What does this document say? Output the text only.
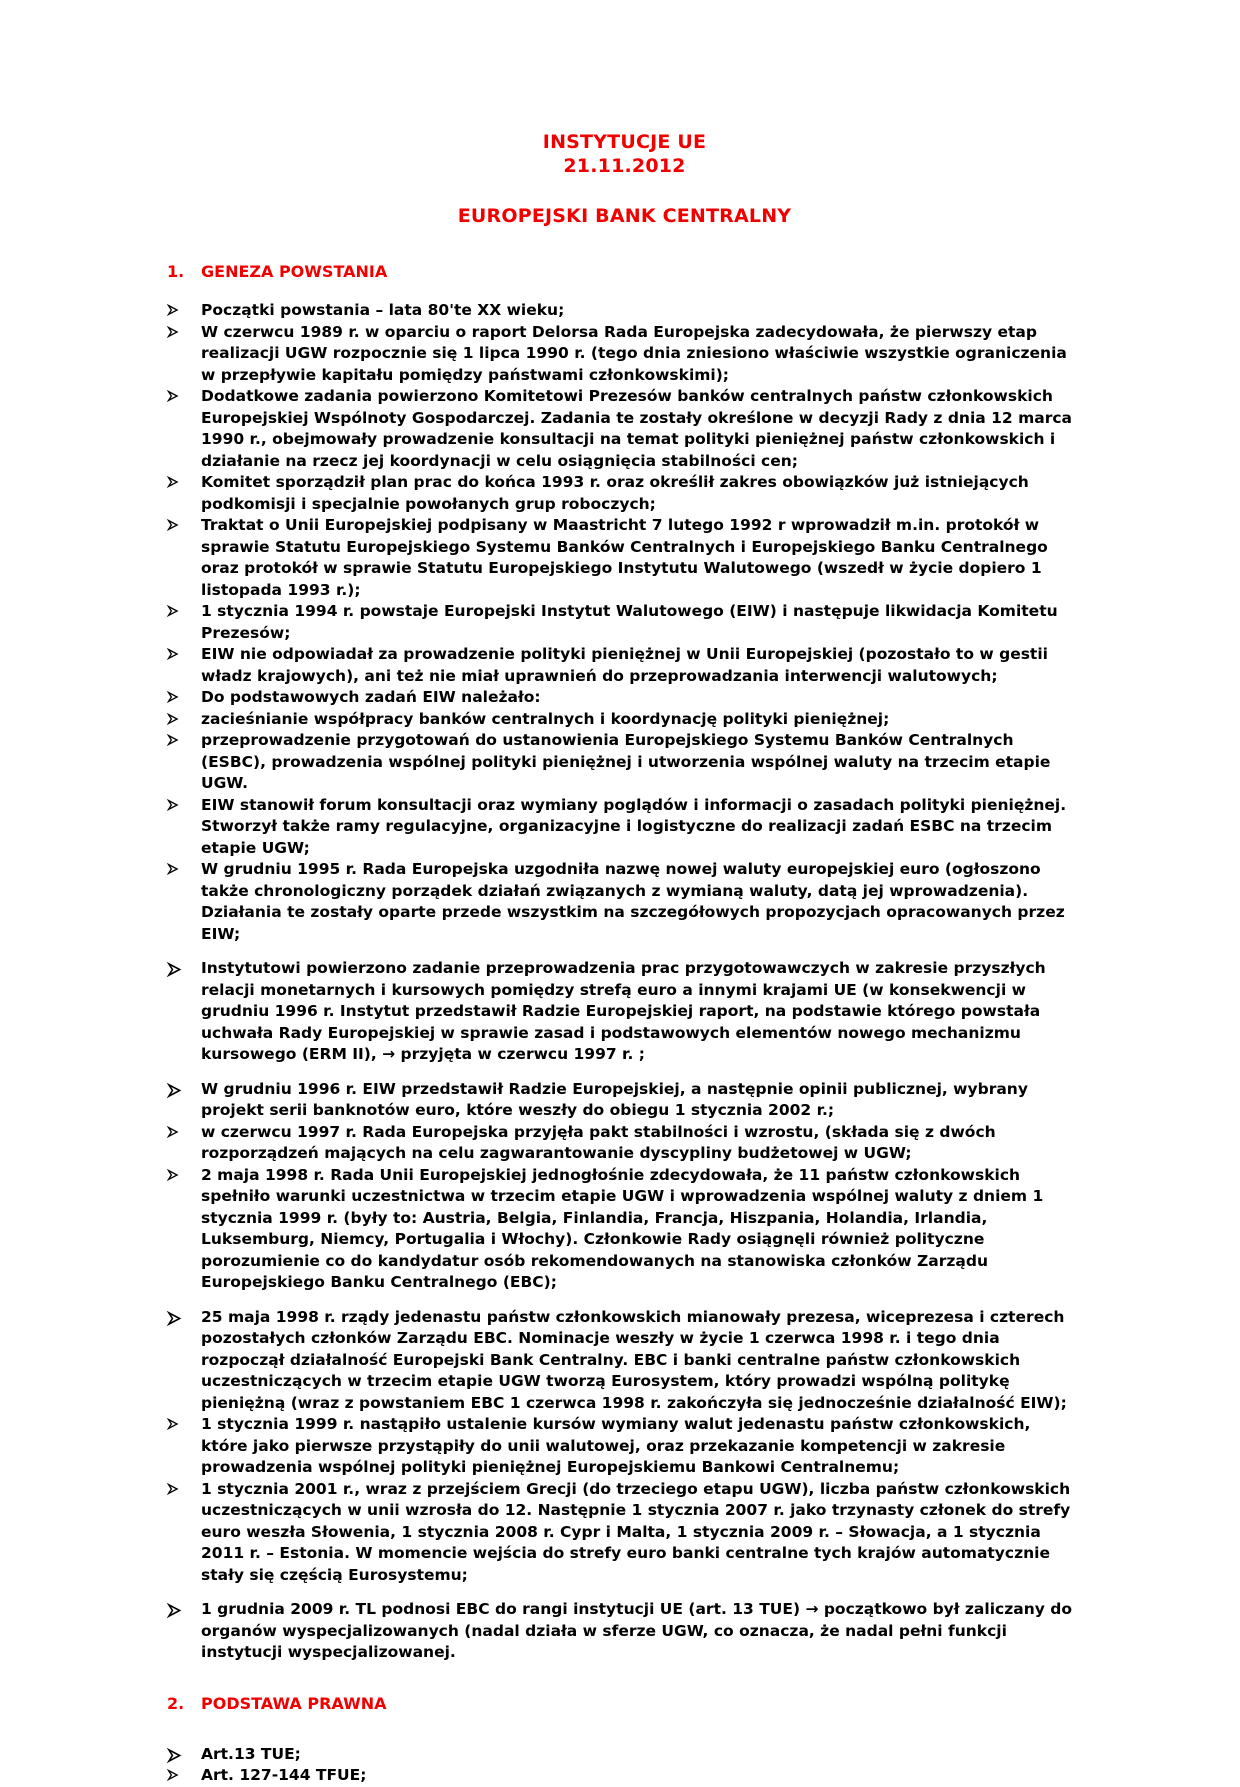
INSTYTUCJE UE
21.11.2012
EUROPEJSKI BANK CENTRALNY
1.	GENEZA POWSTANIA
Początki powstania – lata 80'te XX wieku;
W czerwcu 1989 r. w oparciu o raport Delorsa Rada Europejska zadecydowała, że pierwszy etap realizacji UGW rozpocznie się 1 lipca 1990 r. (tego dnia zniesiono właściwie wszystkie ograniczenia w przepływie kapitału pomiędzy państwami członkowskimi);
Dodatkowe zadania powierzono Komitetowi Prezesów banków centralnych państw członkowskich Europejskiej Wspólnoty Gospodarczej. Zadania te zostały określone w decyzji Rady z dnia 12 marca 1990 r., obejmowały prowadzenie konsultacji na temat polityki pieniężnej państw członkowskich i działanie na rzecz jej koordynacji w celu osiągnięcia stabilności cen;
Komitet sporządził plan prac do końca 1993 r. oraz określił zakres obowiązków już istniejących podkomisji i specjalnie powołanych grup roboczych;
Traktat o Unii Europejskiej podpisany w Maastricht 7 lutego 1992 r wprowadził m.in. protokół w sprawie Statutu Europejskiego Systemu Banków Centralnych i Europejskiego Banku Centralnego oraz protokół w sprawie Statutu Europejskiego Instytutu Walutowego (wszedł w życie dopiero 1 listopada 1993 r.);
1 stycznia 1994 r. powstaje Europejski Instytut Walutowego (EIW) i następuje likwidacja Komitetu Prezesów;
EIW nie odpowiadał za prowadzenie polityki pieniężnej w Unii Europejskiej (pozostało to w gestii władz krajowych), ani też nie miał uprawnień do przeprowadzania interwencji walutowych;
Do podstawowych zadań EIW należało:
zacieśnianie współpracy banków centralnych i koordynację polityki pieniężnej;
przeprowadzenie przygotowań do ustanowienia Europejskiego Systemu Banków Centralnych (ESBC), prowadzenia wspólnej polityki pieniężnej i utworzenia wspólnej waluty na trzecim etapie UGW.
EIW stanowił forum konsultacji oraz wymiany poglądów i informacji o zasadach polityki pieniężnej. Stworzył także ramy regulacyjne, organizacyjne i logistyczne do realizacji zadań ESBC na trzecim etapie UGW;
W grudniu 1995 r. Rada Europejska uzgodniła nazwę nowej waluty europejskiej euro (ogłoszono także chronologiczny porządek działań związanych z wymianą waluty, datą jej wprowadzenia). Działania te zostały oparte przede wszystkim na szczegółowych propozycjach opracowanych przez EIW;
Instytutowi powierzono zadanie przeprowadzenia prac przygotowawczych w zakresie przyszłych relacji monetarnych i kursowych pomiędzy strefą euro a innymi krajami UE (w konsekwencji w grudniu 1996 r. Instytut przedstawił Radzie Europejskiej raport, na podstawie którego powstała uchwała Rady Europejskiej w sprawie zasad i podstawowych elementów nowego mechanizmu kursowego (ERM II), → przyjęta w czerwcu 1997 r. ;
W grudniu 1996 r. EIW przedstawił Radzie Europejskiej, a następnie opinii publicznej, wybrany projekt serii banknotów euro, które weszły do obiegu 1 stycznia 2002 r.;
w czerwcu 1997 r. Rada Europejska przyjęła pakt stabilności i wzrostu, (składa się z dwóch rozporządzeń mających na celu zagwarantowanie dyscypliny budżetowej w UGW;
2 maja 1998 r. Rada Unii Europejskiej jednogłośnie zdecydowała, że 11 państw członkowskich spełniło warunki uczestnictwa w trzecim etapie UGW i wprowadzenia wspólnej waluty z dniem 1 stycznia 1999 r. (były to: Austria, Belgia, Finlandia, Francja, Hiszpania, Holandia, Irlandia, Luksemburg, Niemcy, Portugalia i Włochy). Członkowie Rady osiągnęli również polityczne porozumienie co do kandydatur osób rekomendowanych na stanowiska członków Zarządu Europejskiego Banku Centralnego (EBC);
25 maja 1998 r. rządy jedenastu państw członkowskich mianowały prezesa, wiceprezesa i czterech pozostałych członków Zarządu EBC. Nominacje weszły w życie 1 czerwca 1998 r. i tego dnia rozpoczął działalność Europejski Bank Centralny. EBC i banki centralne państw członkowskich uczestniczących w trzecim etapie UGW tworzą Eurosystem, który prowadzi wspólną politykę pieniężną (wraz z powstaniem EBC 1 czerwca 1998 r. zakończyła się jednocześnie działalność EIW);
1 stycznia 1999 r. nastąpiło ustalenie kursów wymiany walut jedenastu państw członkowskich, które jako pierwsze przystąpiły do unii walutowej, oraz przekazanie kompetencji w zakresie prowadzenia wspólnej polityki pieniężnej Europejskiemu Bankowi Centralnemu;
1 stycznia 2001 r., wraz z przejściem Grecji (do trzeciego etapu UGW), liczba państw członkowskich uczestniczących w unii wzrosła do 12. Następnie 1 stycznia 2007 r. jako trzynasty członek do strefy euro weszła Słowenia, 1 stycznia 2008 r. Cypr i Malta, 1 stycznia 2009 r. – Słowacja, a 1 stycznia 2011 r. – Estonia. W momencie wejścia do strefy euro banki centralne tych krajów automatycznie stały się częścią Eurosystemu;
1 grudnia 2009 r. TL podnosi EBC do rangi instytucji UE (art. 13 TUE) → początkowo był zaliczany do organów wyspecjalizowanych (nadal działa w sferze UGW, co oznacza, że nadal pełni funkcji instytucji wyspecjalizowanej.
2.	PODSTAWA PRAWNA
Art.13 TUE;
Art. 127-144 TFUE;
